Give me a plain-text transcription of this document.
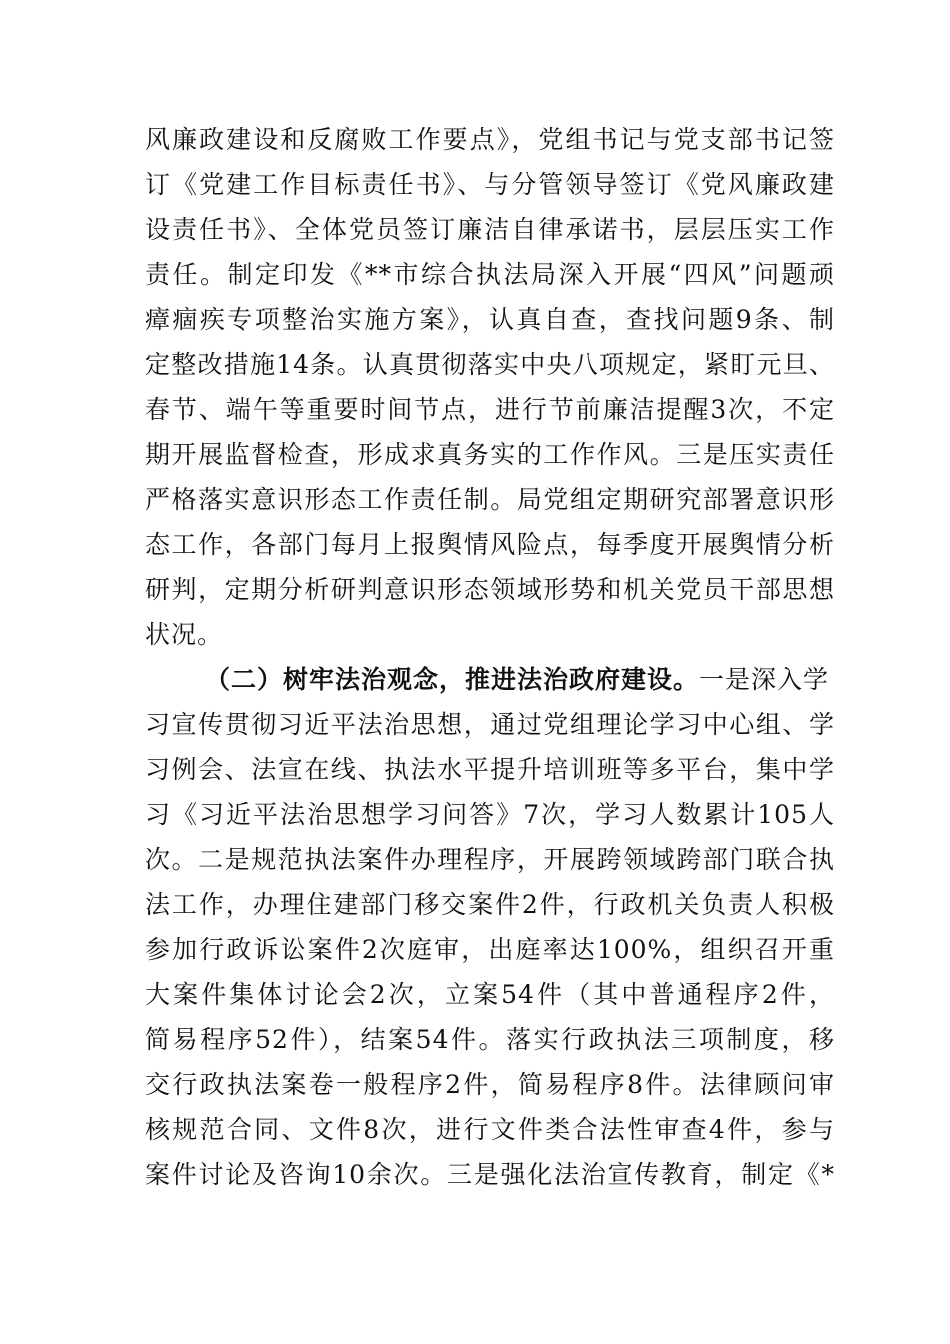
风廉政建设和反腐败工作要点》，党组书记与党支部书记签
订《党建工作目标责任书》、与分管领导签订《党风廉政建
设责任书》、全体党员签订廉洁自律承诺书，层层压实工作
责任。制定印发《**市综合执法局深入开展“四风”问题顽
瘴痼疾专项整治实施方案》，认真自查，查找问题9条、制
定整改措施14条。认真贯彻落实中央八项规定，紧盯元旦、
春节、端午等重要时间节点，进行节前廉洁提醒3次，不定
期开展监督检查，形成求真务实的工作作风。三是压实责任
严格落实意识形态工作责任制。局党组定期研究部署意识形
态工作，各部门每月上报舆情风险点，每季度开展舆情分析
研判，定期分析研判意识形态领域形势和机关党员干部思想
状况。
（二）树牢法治观念，推进法治政府建设。一是深入学
习宣传贯彻习近平法治思想，通过党组理论学习中心组、学
习例会、法宣在线、执法水平提升培训班等多平台，集中学
习《习近平法治思想学习问答》7次，学习人数累计105人
次。二是规范执法案件办理程序，开展跨领域跨部门联合执
法工作，办理住建部门移交案件2件，行政机关负责人积极
参加行政诉讼案件2次庭审，出庭率达100%，组织召开重
大案件集体讨论会2次，立案54件（其中普通程序2件，
简易程序52件），结案54件。落实行政执法三项制度，移
交行政执法案卷一般程序2件，简易程序8件。法律顾问审
核规范合同、文件8次，进行文件类合法性审查4件，参与
案件讨论及咨询10余次。三是强化法治宣传教育，制定《*
